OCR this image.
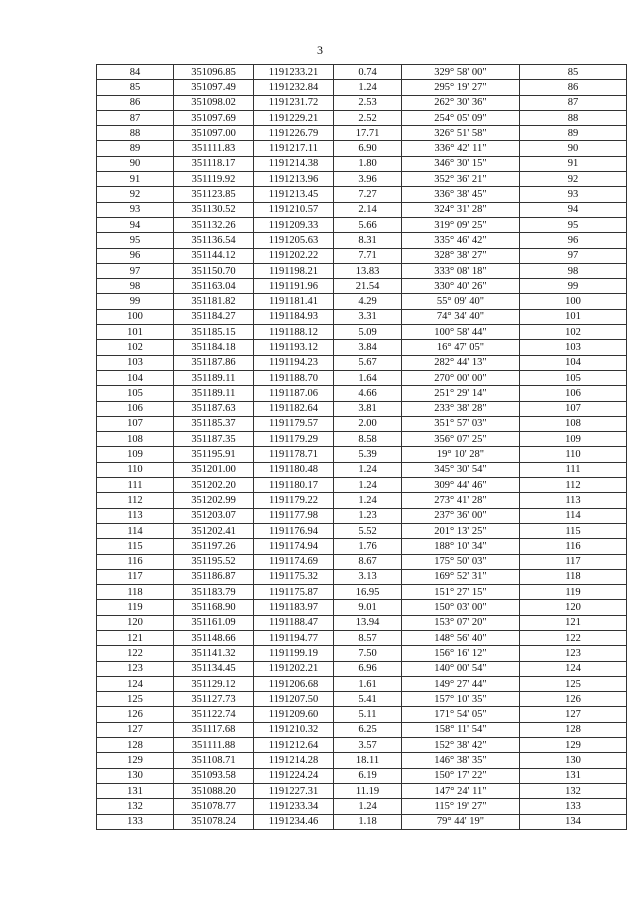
3
84	351096.85	1191233.21	0.74	329° 58' 00"	85
85	351097.49	1191232.84	1.24	295° 19' 27"	86
86	351098.02	1191231.72	2.53	262° 30' 36"	87
87	351097.69	1191229.21	2.52	254° 05' 09"	88
88	351097.00	1191226.79	17.71	326° 51' 58"	89
89	351111.83	1191217.11	6.90	336° 42' 11"	90
90	351118.17	1191214.38	1.80	346° 30' 15"	91
91	351119.92	1191213.96	3.96	352° 36' 21"	92
92	351123.85	1191213.45	7.27	336° 38' 45"	93
93	351130.52	1191210.57	2.14	324° 31' 28"	94
94	351132.26	1191209.33	5.66	319° 09' 25"	95
95	351136.54	1191205.63	8.31	335° 46' 42"	96
96	351144.12	1191202.22	7.71	328° 38' 27"	97
97	351150.70	1191198.21	13.83	333° 08' 18"	98
98	351163.04	1191191.96	21.54	330° 40' 26"	99
99	351181.82	1191181.41	4.29	55° 09' 40"	100
100	351184.27	1191184.93	3.31	74° 34' 40"	101
101	351185.15	1191188.12	5.09	100° 58' 44"	102
102	351184.18	1191193.12	3.84	16° 47' 05"	103
103	351187.86	1191194.23	5.67	282° 44' 13"	104
104	351189.11	1191188.70	1.64	270° 00' 00"	105
105	351189.11	1191187.06	4.66	251° 29' 14"	106
106	351187.63	1191182.64	3.81	233° 38' 28"	107
107	351185.37	1191179.57	2.00	351° 57' 03"	108
108	351187.35	1191179.29	8.58	356° 07' 25"	109
109	351195.91	1191178.71	5.39	19° 10' 28"	110
110	351201.00	1191180.48	1.24	345° 30' 54"	111
111	351202.20	1191180.17	1.24	309° 44' 46"	112
112	351202.99	1191179.22	1.24	273° 41' 28"	113
113	351203.07	1191177.98	1.23	237° 36' 00"	114
114	351202.41	1191176.94	5.52	201° 13' 25"	115
115	351197.26	1191174.94	1.76	188° 10' 34"	116
116	351195.52	1191174.69	8.67	175° 50' 03"	117
117	351186.87	1191175.32	3.13	169° 52' 31"	118
118	351183.79	1191175.87	16.95	151° 27' 15"	119
119	351168.90	1191183.97	9.01	150° 03' 00"	120
120	351161.09	1191188.47	13.94	153° 07' 20"	121
121	351148.66	1191194.77	8.57	148° 56' 40"	122
122	351141.32	1191199.19	7.50	156° 16' 12"	123
123	351134.45	1191202.21	6.96	140° 00' 54"	124
124	351129.12	1191206.68	1.61	149° 27' 44"	125
125	351127.73	1191207.50	5.41	157° 10' 35"	126
126	351122.74	1191209.60	5.11	171° 54' 05"	127
127	351117.68	1191210.32	6.25	158° 11' 54"	128
128	351111.88	1191212.64	3.57	152° 38' 42"	129
129	351108.71	1191214.28	18.11	146° 38' 35"	130
130	351093.58	1191224.24	6.19	150° 17' 22"	131
131	351088.20	1191227.31	11.19	147° 24' 11"	132
132	351078.77	1191233.34	1.24	115° 19' 27"	133
133	351078.24	1191234.46	1.18	79° 44' 19"	134
